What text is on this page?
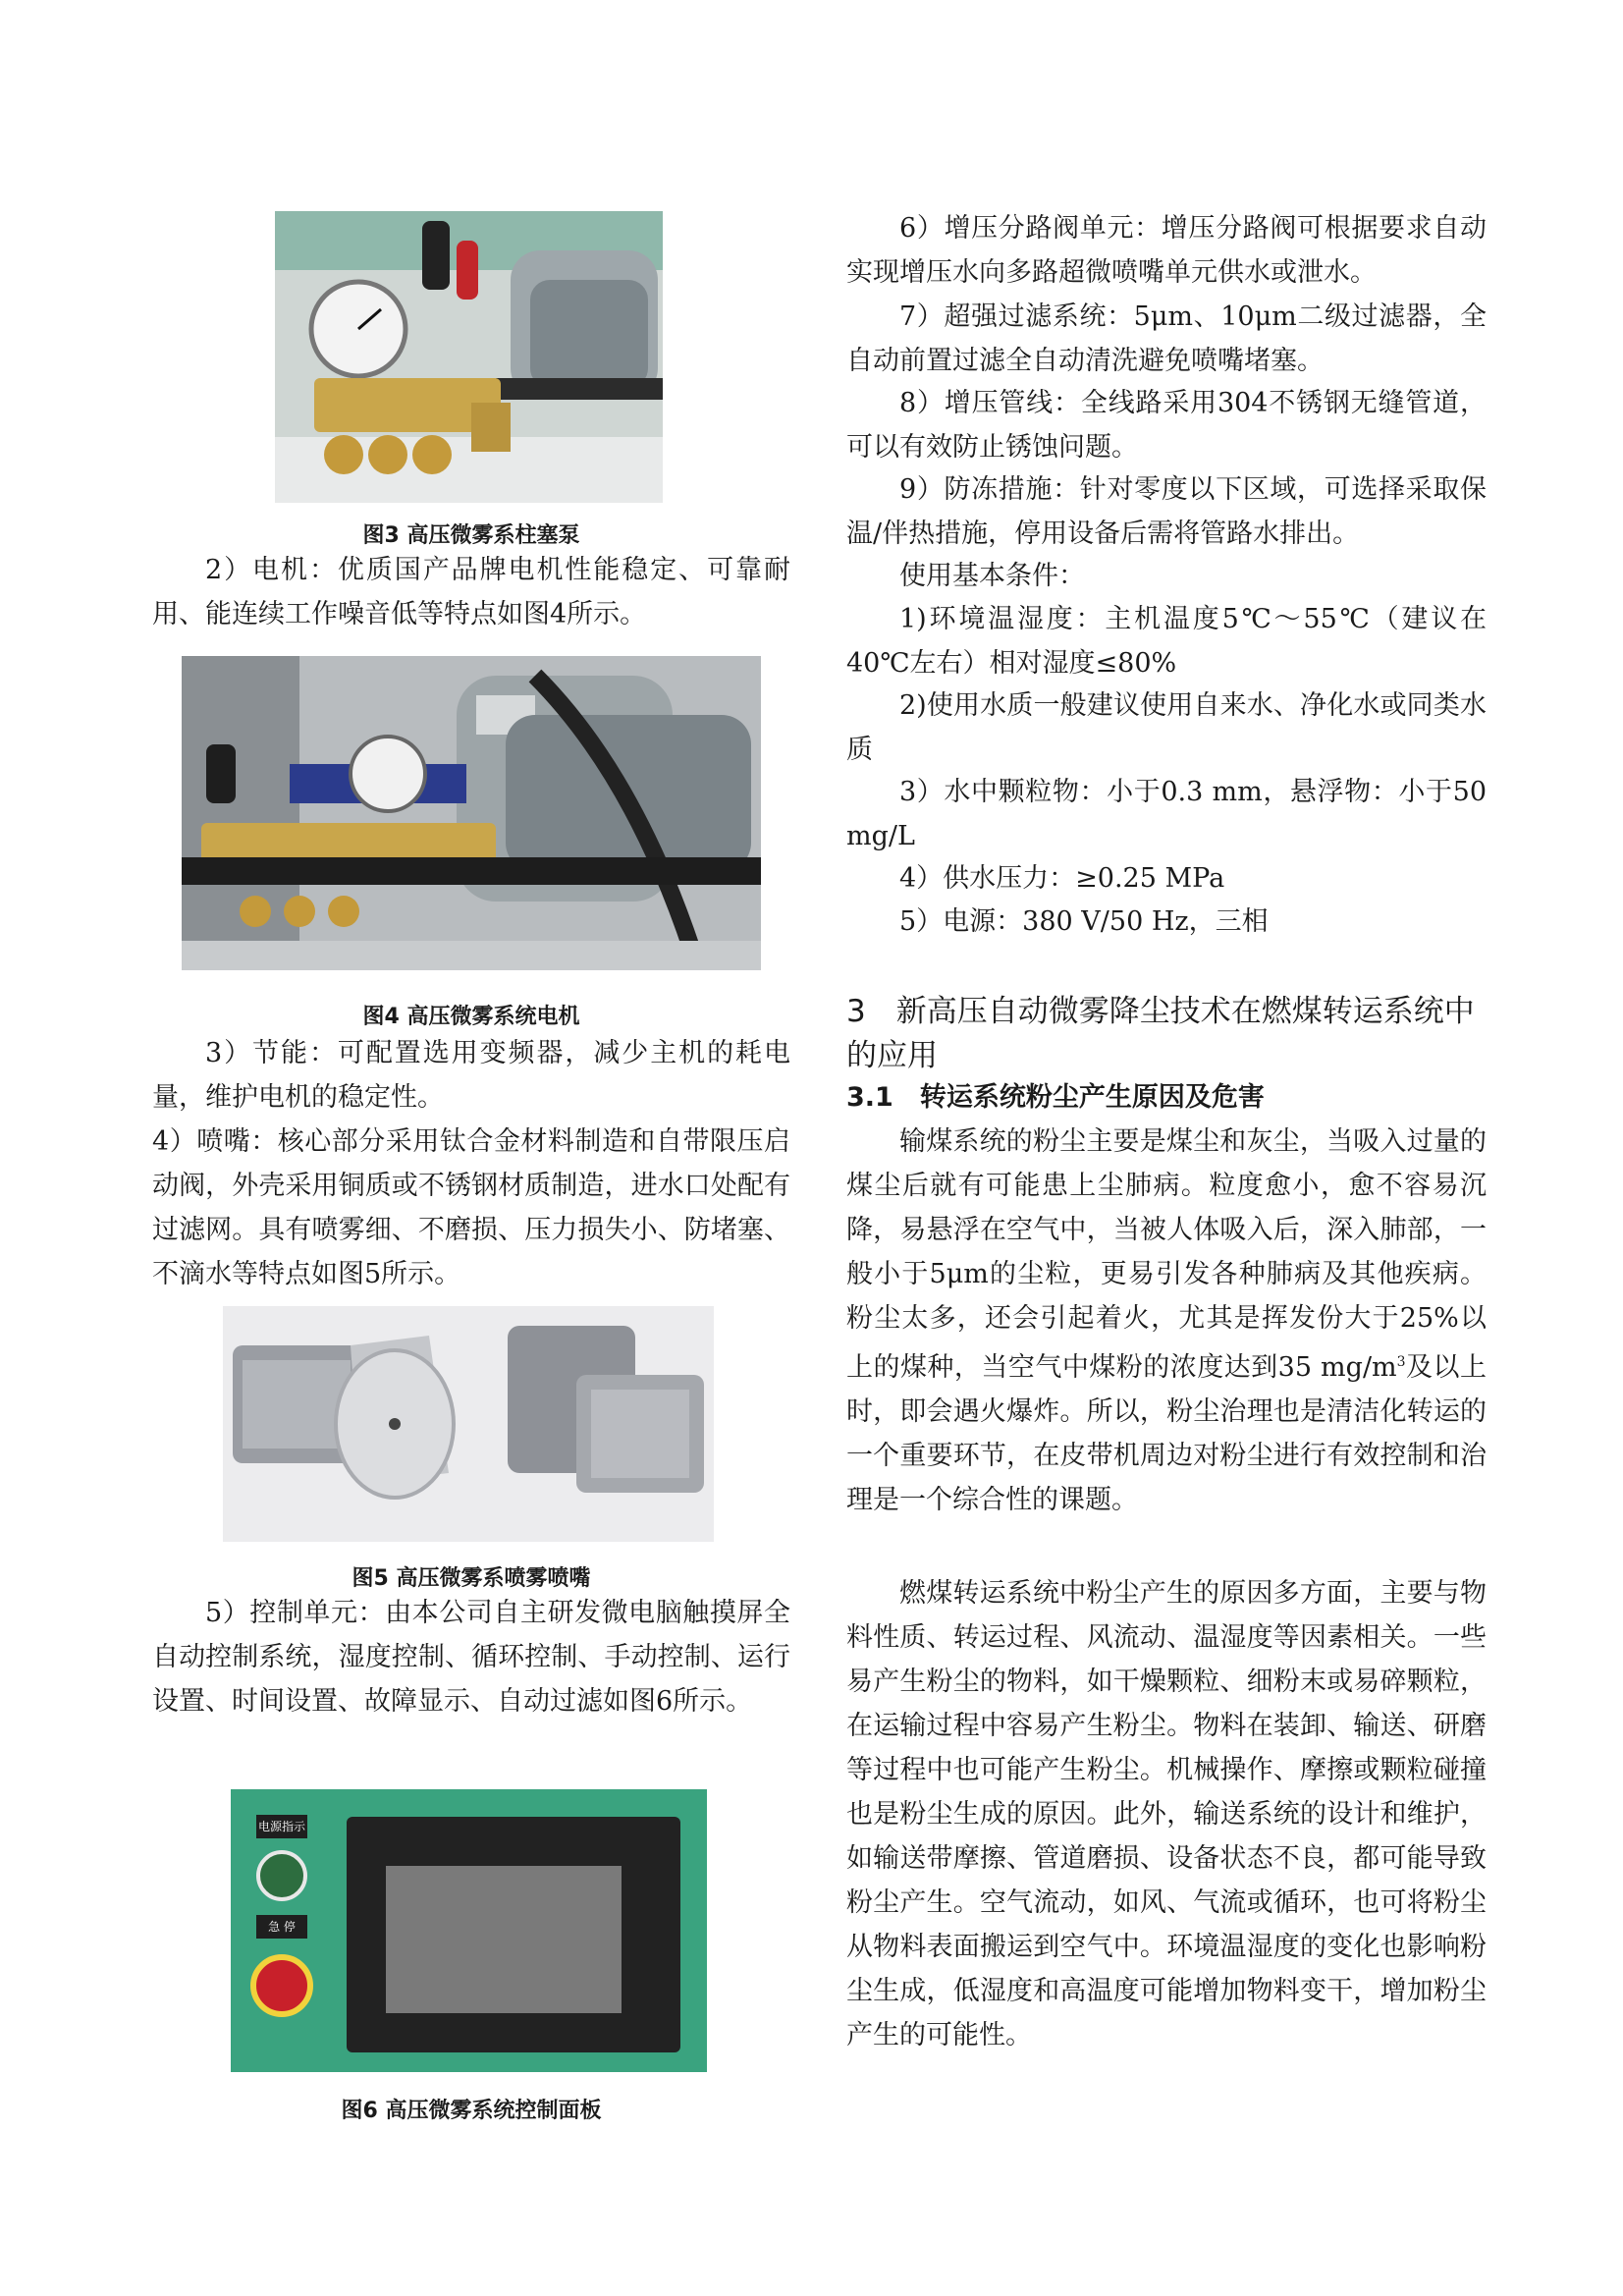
图3 高压微雾系柱塞泵

2）电机：优质国产品牌电机性能稳定、可靠耐用、能连续工作噪音低等特点如图4所示。

图4 高压微雾系统电机

3）节能：可配置选用变频器，减少主机的耗电量，维护电机的稳定性。

4）喷嘴：核心部分采用钛合金材料制造和自带限压启动阀，外壳采用铜质或不锈钢材质制造，进水口处配有过滤网。具有喷雾细、不磨损、压力损失小、防堵塞、不滴水等特点如图5所示。

图5 高压微雾系喷雾喷嘴

5）控制单元：由本公司自主研发微电脑触摸屏全自动控制系统，湿度控制、循环控制、手动控制、运行设置、时间设置、故障显示、自动过滤如图6所示。

电源指示
急 停
图6 高压微雾系统控制面板

6）增压分路阀单元：增压分路阀可根据要求自动实现增压水向多路超微喷嘴单元供水或泄水。

7）超强过滤系统：5μm、10μm二级过滤器，全自动前置过滤全自动清洗避免喷嘴堵塞。

8）增压管线：全线路采用304不锈钢无缝管道，可以有效防止锈蚀问题。

9）防冻措施：针对零度以下区域，可选择采取保温/伴热措施，停用设备后需将管路水排出。

使用基本条件：

1)环境温湿度：主机温度5℃～55℃（建议在40℃左右）相对湿度≤80%

2)使用水质一般建议使用自来水、净化水或同类水质

3）水中颗粒物：小于0.3 mm，悬浮物：小于50 mg/L

4）供水压力：≥0.25 MPa

5）电源：380 V/50 Hz，三相

3　新高压自动微雾降尘技术在燃煤转运系统中的应用
3.1　转运系统粉尘产生原因及危害

输煤系统的粉尘主要是煤尘和灰尘，当吸入过量的煤尘后就有可能患上尘肺病。粒度愈小，愈不容易沉降，易悬浮在空气中，当被人体吸入后，深入肺部，一般小于5μm的尘粒，更易引发各种肺病及其他疾病。粉尘太多，还会引起着火，尤其是挥发份大于25%以上的煤种，当空气中煤粉的浓度达到35 $mg/m^3$及以上时，即会遇火爆炸。所以，粉尘治理也是清洁化转运的一个重要环节，在皮带机周边对粉尘进行有效控制和治理是一个综合性的课题。

燃煤转运系统中粉尘产生的原因多方面，主要与物料性质、转运过程、风流动、温湿度等因素相关。一些易产生粉尘的物料，如干燥颗粒、细粉末或易碎颗粒，在运输过程中容易产生粉尘。物料在装卸、输送、研磨等过程中也可能产生粉尘。机械操作、摩擦或颗粒碰撞也是粉尘生成的原因。此外，输送系统的设计和维护，如输送带摩擦、管道磨损、设备状态不良，都可能导致粉尘产生。空气流动，如风、气流或循环，也可将粉尘从物料表面搬运到空气中。环境温湿度的变化也影响粉尘生成，低湿度和高温度可能增加物料变干，增加粉尘产生的可能性。
